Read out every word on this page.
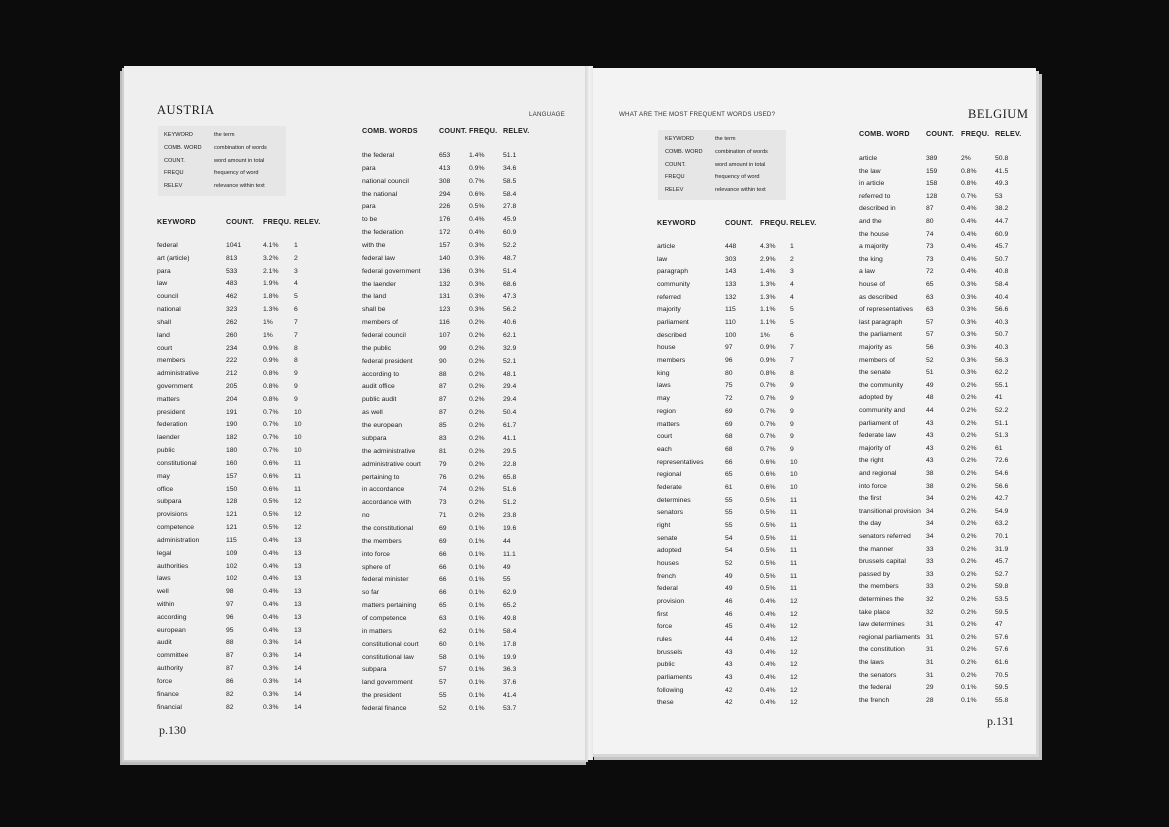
AUSTRIA	LANGUAGE
p.130
WHAT ARE THE MOST FREQUENT WORDS USED?	BELGIUM
p.131
KEYWORD	the term
COMB. WORD combination of words
COUNT.	word amount in total
FREQU	frequency of word
RELEV	relevance within text
KEYWORD	the term
COMB. WORD combination of words
COUNT.	word amount in total
FREQU	frequency of word
RELEV	relevance within text
KEYWORD	COUNT. FREQU. RELEV.
federal	1041	4.1% 1
art (article)	813	3.2% 2
para	533	2.1% 3
law	483	1.9% 4
council	462	1.8% 5
national	323	1.3% 6
shall	262	1%	7
land	260	1%	7
court	234	0.9% 8
members	222	0.9% 8
administrative	212	0.8% 9
government	205	0.8% 9
matters	204	0.8% 9
president	191	0.7% 10
federation	190	0.7% 10
laender	182	0.7% 10
public	180	0.7% 10
constitutional	160	0.6% 11
may	157	0.6% 11
office	150	0.6% 11
subpara	128	0.5% 12
provisions	121	0.5% 12
competence	121	0.5% 12
administration	115	0.4% 13
legal	109	0.4% 13
authorities	102	0.4% 13
laws	102	0.4% 13
well	98	0.4% 13
within	97	0.4% 13
according	96	0.4% 13
european	95	0.4% 13
audit	88	0.3% 14
committee	87	0.3% 14
authority	87	0.3% 14
force	86	0.3% 14
finance	82	0.3% 14
financial	82	0.3% 14
COMB. WORDS	COUNT. FREQU. RELEV.
the federal	653	1.4%	51.1
para	413	0.9%	34.6
national council	308	0.7%	58.5
the national	294	0.6%	58.4
para	226	0.5%	27.8
to be	176	0.4%	45.9
the federation	172	0.4%	60.9
with the	157	0.3%	52.2
federal law	140	0.3%	48.7
federal government	136	0.3%	51.4
the laender	132	0.3%	68.6
the land	131	0.3%	47.3
shall be	123	0.3%	56.2
members of	116	0.2%	40.6
federal council	107	0.2%	62.1
the public	99	0.2%	32.9
federal president	90	0.2%	52.1
according to	88	0.2%	48.1
audit office	87	0.2%	29.4
public audit	87	0.2%	29.4
as well	87	0.2%	50.4
the european	85	0.2%	61.7
subpara	83	0.2%	41.1
the administrative	81	0.2%	29.5
administrative court	79	0.2%	22.8
pertaining to	76	0.2%	65.8
in accordance	74	0.2%	51.6
accordance with	73	0.2%	51.2
no	71	0.2%	23.8
the constitutional	69	0.1%	19.6
the members	69	0.1%	44
into force	66	0.1%	11.1
sphere of	66	0.1%	49
federal minister	66	0.1%	55
so far	66	0.1%	62.9
matters pertaining	65	0.1%	65.2
of competence	63	0.1%	49.8
in matters	62	0.1%	58.4
constitutional court	60	0.1%	17.8
constitutional law	58	0.1%	19.9
subpara	57	0.1%	36.3
land government	57	0.1%	37.6
the president	55	0.1%	41.4
federal finance	52	0.1%	53.7
KEYWORD	COUNT. FREQU. RELEV.
article	448	4.3% 1
law	303	2.9% 2
paragraph	143	1.4% 3
community	133	1.3% 4
referred	132	1.3% 4
majority	115	1.1% 5
parliament	110	1.1% 5
described	100	1%	6
house	97	0.9% 7
members	96	0.9% 7
king	80	0.8% 8
laws	75	0.7% 9
may	72	0.7% 9
region	69	0.7% 9
matters	69	0.7% 9
court	68	0.7% 9
each	68	0.7% 9
representatives	66	0.6% 10
regional	65	0.6% 10
federate	61	0.6% 10
determines	55	0.5% 11
senators	55	0.5% 11
right	55	0.5% 11
senate	54	0.5% 11
adopted	54	0.5% 11
houses	52	0.5% 11
french	49	0.5% 11
federal	49	0.5% 11
provision	46	0.4% 12
first	46	0.4% 12
force	45	0.4% 12
rules	44	0.4% 12
brussels	43	0.4% 12
public	43	0.4% 12
parliaments	43	0.4% 12
following	42	0.4% 12
these	42	0.4% 12
COMB. WORD COUNT. FREQU. RELEV.
article	389	2%	50.8
the law	159	0.8%	41.5
in article	158	0.8%	49.3
referred to	128	0.7%	53
described in	87	0.4%	38.2
and the	80	0.4%	44.7
the house	74	0.4%	60.9
a majority	73	0.4%	45.7
the king	73	0.4%	50.7
a law	72	0.4%	40.8
house of	65	0.3%	58.4
as described	63	0.3%	40.4
of representatives 63	0.3%	56.6
last paragraph	57	0.3%	40.3
the parliament	57	0.3%	50.7
majority as	56	0.3%	40.3
members of	52	0.3%	56.3
the senate	51	0.3%	62.2
the community	49	0.2%	55.1
adopted by	48	0.2%	41
community and	44	0.2%	52.2
parliament of	43	0.2%	51.1
federate law	43	0.2%	51.3
majority of	43	0.2%	61
the right	43	0.2%	72.6
and regional	38	0.2%	54.6
into force	38	0.2%	56.6
the first	34	0.2%	42.7
transitional provision 34	0.2%	54.9
the day	34	0.2%	63.2
senators referred 34	0.2%	70.1
the manner	33	0.2%	31.9
brussels capital	33	0.2%	45.7
passed by	33	0.2%	52.7
the members	33	0.2%	59.8
determines the	32	0.2%	53.5
take place	32	0.2%	59.5
law determines	31	0.2%	47
regional parliaments 31	0.2%	57.6
the constitution	31	0.2%	57.6
the laws	31	0.2%	61.6
the senators	31	0.2%	70.5
the federal	29	0.1%	59.5
the french	28	0.1%	55.8
